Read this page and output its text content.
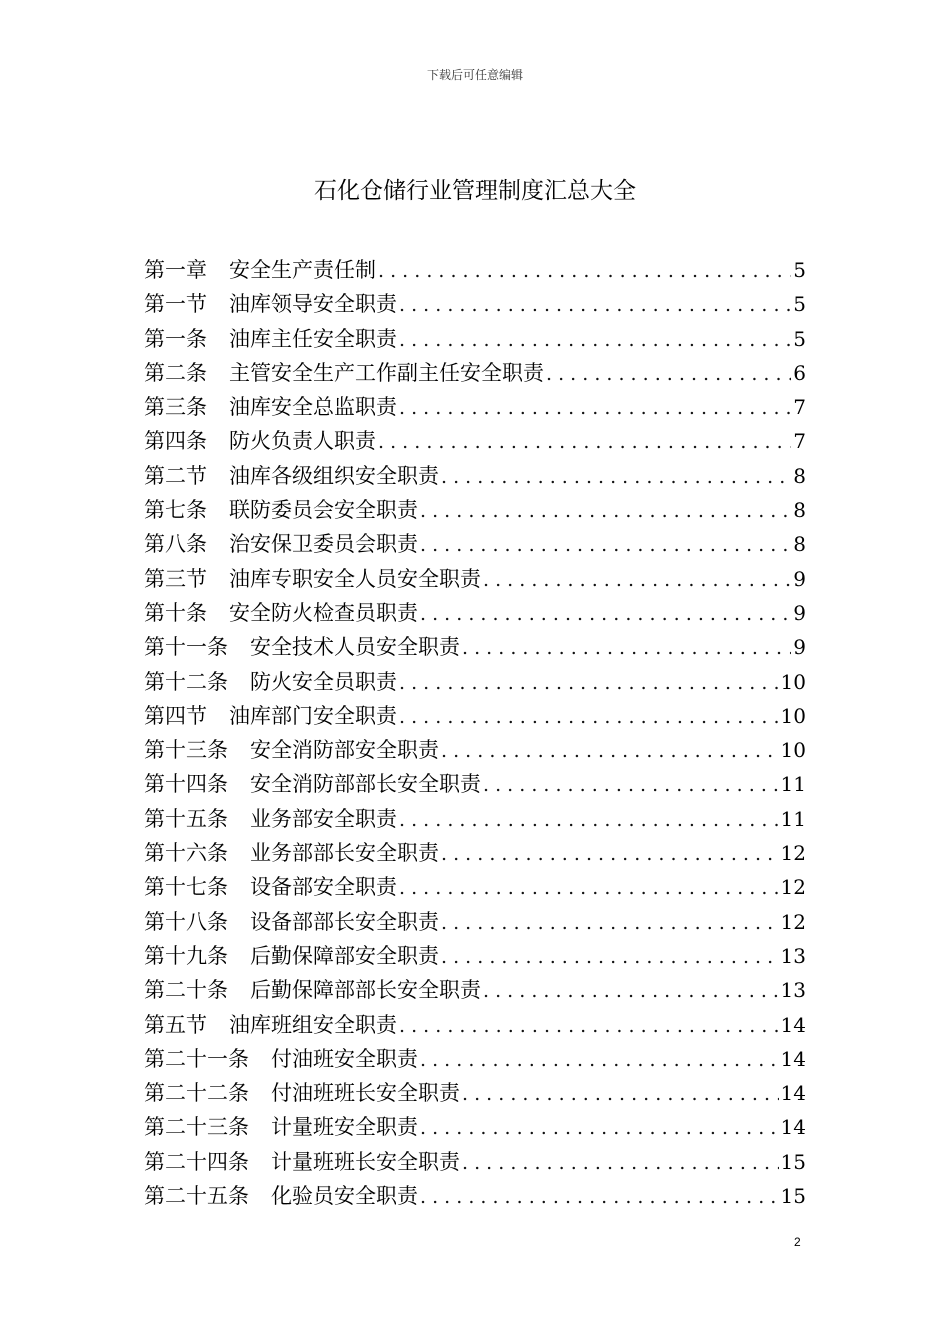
下载后可任意编辑
石化仓储行业管理制度汇总大全
第一章 安全生产责任制 . . .	5
第一节 油库领导安全职责 . . .	5
第一条 油库主任安全职责 . . .	5
第二条 主管安全生产工作副主任安全职责 . . .	6
第三条 油库安全总监职责 . . .	7
第四条 防火负责人职责 . . .	7
第二节 油库各级组织安全职责 . . .	8
第七条 联防委员会安全职责 . . .	8
第八条 治安保卫委员会职责 . . .	8
第三节 油库专职安全人员安全职责 . . .	9
第十条 安全防火检查员职责 . . .	9
第十一条 安全技术人员安全职责 . . .	9
第十二条 防火安全员职责 . . .	10
第四节 油库部门安全职责 . . .	10
第十三条 安全消防部安全职责 . . .	10
第十四条 安全消防部部长安全职责 . . .	11
第十五条 业务部安全职责 . . .	11
第十六条 业务部部长安全职责 . . .	12
第十七条 设备部安全职责 . . .	12
第十八条 设备部部长安全职责 . . .	12
第十九条 后勤保障部安全职责 . . .	13
第二十条 后勤保障部部长安全职责 . . .	13
第五节 油库班组安全职责 . . .	14
第二十一条 付油班安全职责 . . .	14
第二十二条 付油班班长安全职责 . . .	14
第二十三条 计量班安全职责 . . .	14
第二十四条 计量班班长安全职责 . . .	15
第二十五条 化验员安全职责 . . .	15
2
